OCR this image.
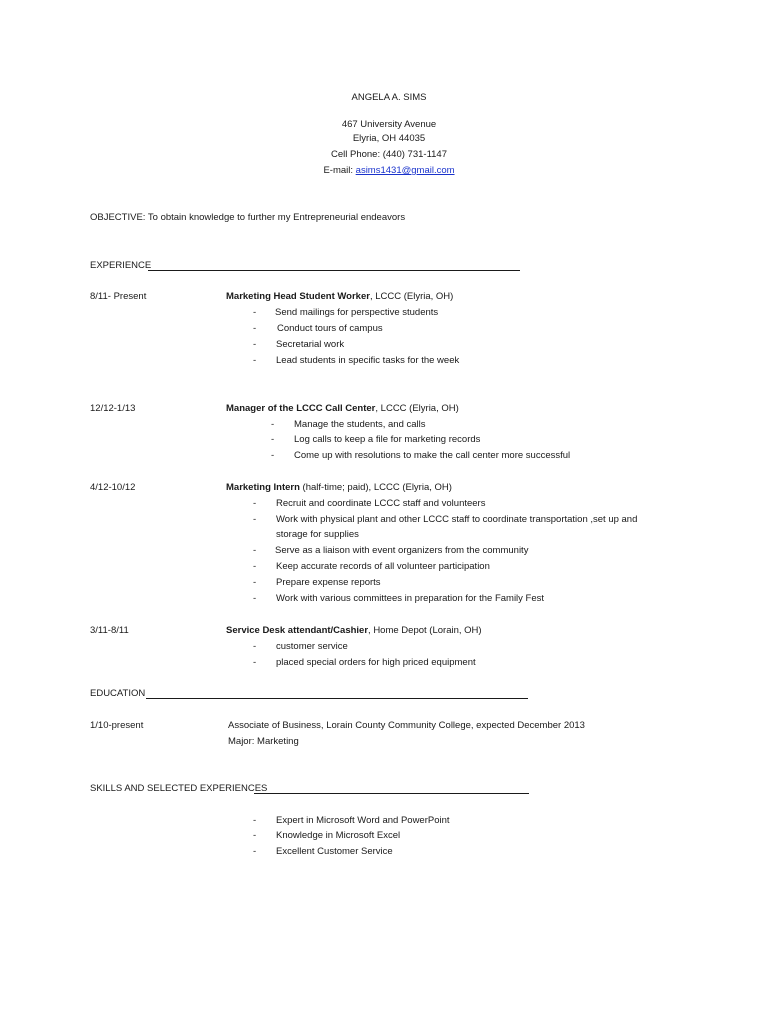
ANGELA A. SIMS
467 University Avenue
Elyria, OH 44035
Cell Phone: (440) 731-1147
E-mail: asims1431@gmail.com
OBJECTIVE: To obtain knowledge to further my Entrepreneurial endeavors
EXPERIENCE
8/11- Present	Marketing Head Student Worker, LCCC (Elyria, OH)
- Send mailings for perspective students
- Conduct tours of campus
- Secretarial work
- Lead students in specific tasks for the week
12/12-1/13	Manager of the LCCC Call Center, LCCC (Elyria, OH)
- Manage the students, and calls
- Log calls to keep a file for marketing records
- Come up with resolutions to make the call center more successful
4/12-10/12	Marketing Intern (half-time; paid), LCCC (Elyria, OH)
- Recruit and coordinate LCCC staff and volunteers
- Work with physical plant and other LCCC staff to coordinate transportation ,set up and
storage for supplies
- Serve as a liaison with event organizers from the community
- Keep accurate records of all volunteer participation
- Prepare expense reports
- Work with various committees in preparation for the Family Fest
3/11-8/11	Service Desk attendant/Cashier, Home Depot (Lorain, OH)
- customer service
- placed special orders for high priced equipment
EDUCATION
1/10-present	Associate of Business, Lorain County Community College, expected December 2013
Major: Marketing
SKILLS AND SELECTED EXPERIENCES
- Expert in Microsoft Word and PowerPoint
- Knowledge in Microsoft Excel
- Excellent Customer Service
